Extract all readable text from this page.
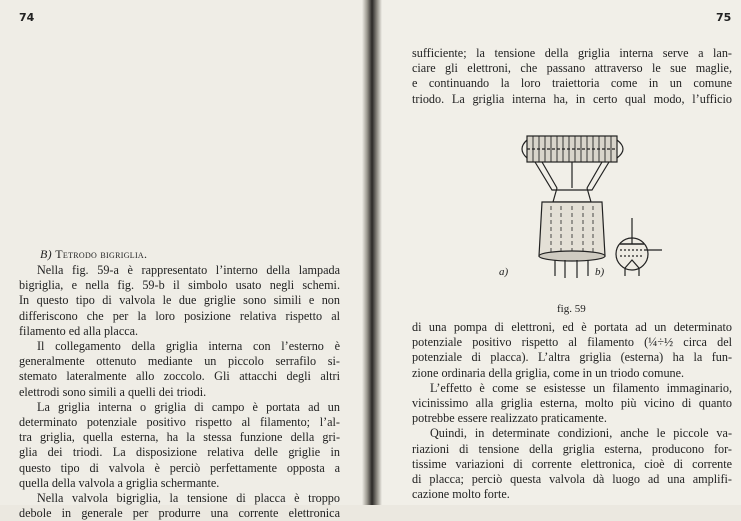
74	75
B) Tetrodo bigriglia.
Nella fig. 59-a è rappresentato l’interno della lampada
bigriglia, e nella fig. 59-b il simbolo usato negli schemi.
In questo tipo di valvola le due griglie sono simili e non
differiscono che per la loro posizione relativa rispetto al
filamento ed alla placca.
Il collegamento della griglia interna con l’esterno è
generalmente ottenuto mediante un piccolo serrafilo si-
stemato lateralmente allo zoccolo. Gli attacchi degli altri
elettrodi sono simili a quelli dei triodi.
La griglia interna o griglia di campo è portata ad un
determinato potenziale positivo rispetto al filamento; l’al-
tra griglia, quella esterna, ha la stessa funzione della gri-
glia dei triodi. La disposizione relativa delle griglie in
questo tipo di valvola è perciò perfettamente opposta a
quella della valvola a griglia schermante.
Nella valvola bigriglia, la tensione di placca è troppo
debole in generale per produrre una corrente elettronica
sufficiente; la tensione della griglia interna serve a lan-
ciare gli elettroni, che passano attraverso le sue maglie,
e continuando la loro traiettoria come in un comune
triodo. La griglia interna ha, in certo qual modo, l’ufficio
a)	b)
fig. 59
di una pompa di elettroni, ed è portata ad un determinato
potenziale positivo rispetto al filamento (¼÷½ circa del
potenziale di placca). L’altra griglia (esterna) ha la fun-
zione ordinaria della griglia, come in un triodo comune.
L’effetto è come se esistesse un filamento immaginario,
vicinissimo alla griglia esterna, molto più vicino di quanto
potrebbe essere realizzato praticamente.
Quindi, in determinate condizioni, anche le piccole va-
riazioni di tensione della griglia esterna, producono for-
tissime variazioni di corrente elettronica, cioè di corrente
di placca; perciò questa valvola dà luogo ad una amplifi-
cazione molto forte.
